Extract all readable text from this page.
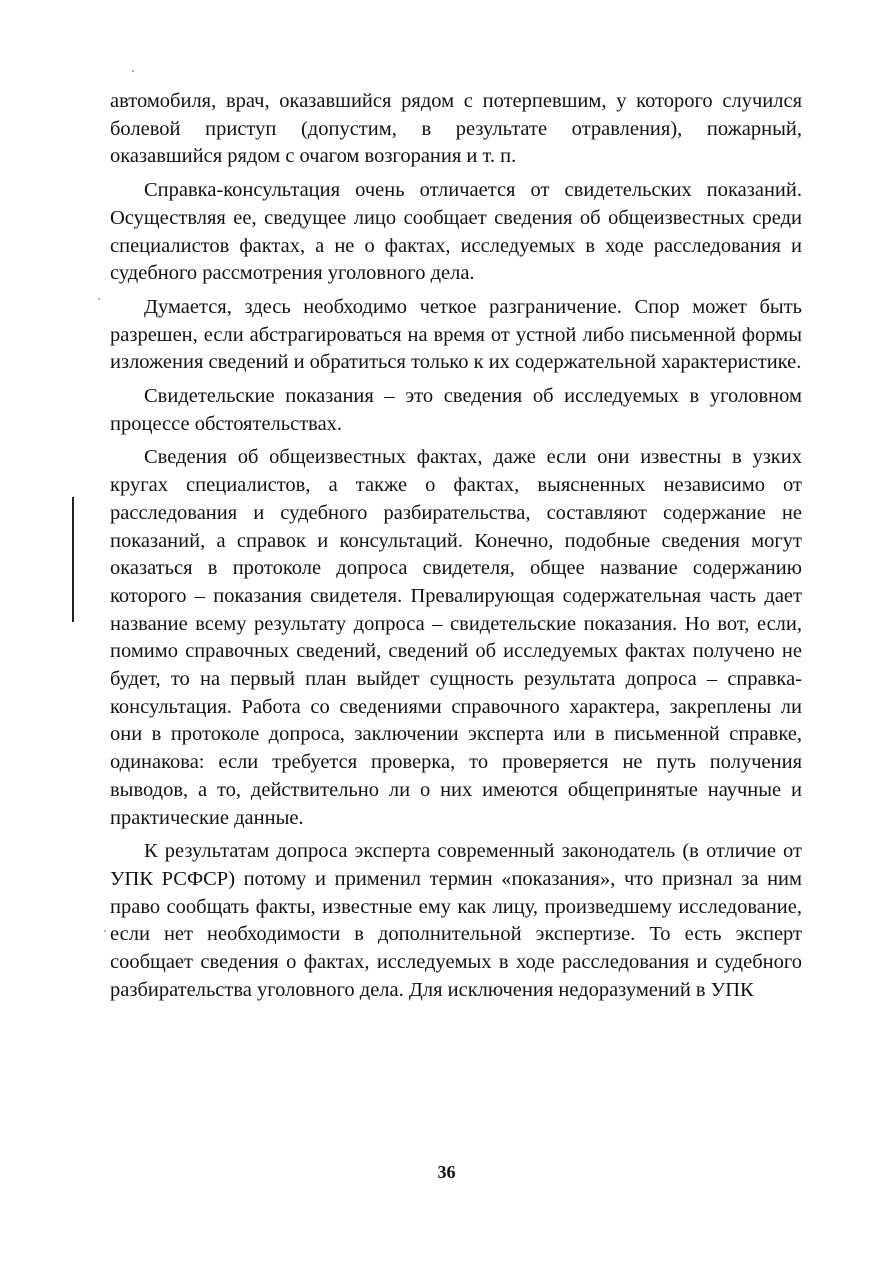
автомобиля, врач, оказавшийся рядом с потерпевшим, у которого случился болевой приступ (допустим, в результате отравления), пожарный, оказавшийся рядом с очагом возгорания и т. п.

Справка-консультация очень отличается от свидетельских показаний. Осуществляя ее, сведущее лицо сообщает сведения об общеизвестных среди специалистов фактах, а не о фактах, исследуемых в ходе расследования и судебного рассмотрения уголовного дела.

Думается, здесь необходимо четкое разграничение. Спор может быть разрешен, если абстрагироваться на время от устной либо письменной формы изложения сведений и обратиться только к их содержательной характеристике.

Свидетельские показания – это сведения об исследуемых в уголовном процессе обстоятельствах.

Сведения об общеизвестных фактах, даже если они известны в узких кругах специалистов, а также о фактах, выясненных независимо от расследования и судебного разбирательства, составляют содержание не показаний, а справок и консультаций. Конечно, подобные сведения могут оказаться в протоколе допроса свидетеля, общее название содержанию которого – показания свидетеля. Превалирующая содержательная часть дает название всему результату допроса – свидетельские показания. Но вот, если, помимо справочных сведений, сведений об исследуемых фактах получено не будет, то на первый план выйдет сущность результата допроса – справка-консультация. Работа со сведениями справочного характера, закреплены ли они в протоколе допроса, заключении эксперта или в письменной справке, одинакова: если требуется проверка, то проверяется не путь получения выводов, а то, действительно ли о них имеются общепринятые научные и практические данные.

К результатам допроса эксперта современный законодатель (в отличие от УПК РСФСР) потому и применил термин «показания», что признал за ним право сообщать факты, известные ему как лицу, произведшему исследование, если нет необходимости в дополнительной экспертизе. То есть эксперт сообщает сведения о фактах, исследуемых в ходе расследования и судебного разбирательства уголовного дела. Для исключения недоразумений в УПК

36
